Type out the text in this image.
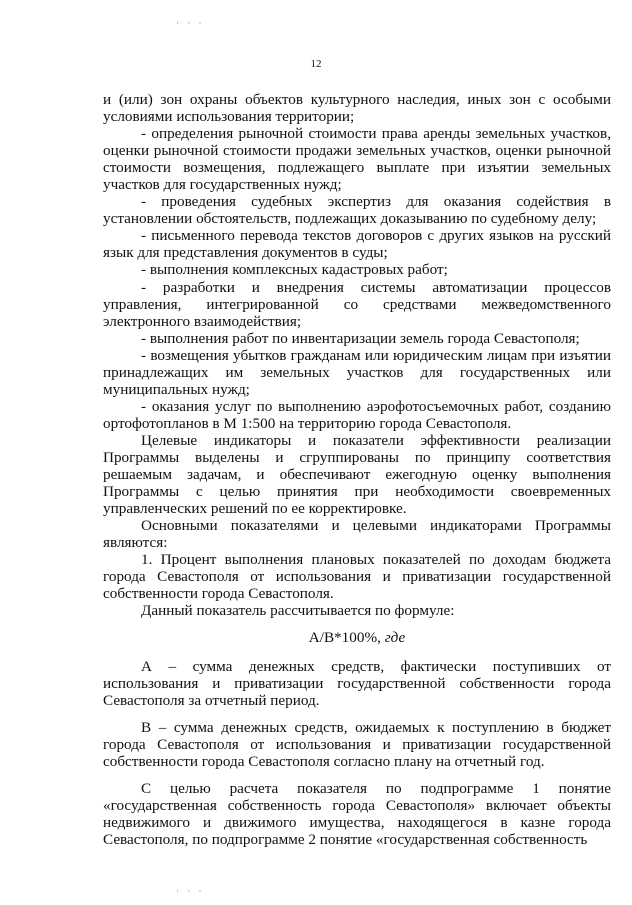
· · ·
· · ·
12

и (или) зон охраны объектов культурного наследия, иных зон с особыми условиями использования территории;

- определения рыночной стоимости права аренды земельных участков, оценки рыночной стоимости продажи земельных участков, оценки рыночной стоимости возмещения, подлежащего выплате при изъятии земельных участков для государственных нужд;

- проведения судебных экспертиз для оказания содействия в установлении обстоятельств, подлежащих доказыванию по судебному делу;

- письменного перевода текстов договоров с других языков на русский язык для представления документов в суды;

- выполнения комплексных кадастровых работ;

- разработки и внедрения системы автоматизации процессов управления, интегрированной со средствами межведомственного электронного взаимодействия;

- выполнения работ по инвентаризации земель города Севастополя;

- возмещения убытков гражданам или юридическим лицам при изъятии принадлежащих им земельных участков для государственных или муниципальных нужд;

- оказания услуг по выполнению аэрофотосъемочных работ, созданию ортофотопланов в М 1:500 на территорию города Севастополя.

Целевые индикаторы и показатели эффективности реализации Программы выделены и сгруппированы по принципу соответствия решаемым задачам, и обеспечивают ежегодную оценку выполнения Программы с целью принятия при необходимости своевременных управленческих решений по ее корректировке.

Основными показателями и целевыми индикаторами Программы являются:

1. Процент выполнения плановых показателей по доходам бюджета города Севастополя от использования и приватизации государственной собственности города Севастополя.

Данный показатель рассчитывается по формуле:

A/B*100%, где

А – сумма денежных средств, фактически поступивших от использования и приватизации государственной собственности города Севастополя за отчетный период.

В – сумма денежных средств, ожидаемых к поступлению в бюджет города Севастополя от использования и приватизации государственной собственности города Севастополя согласно плану на отчетный год.

С целью расчета показателя по подпрограмме 1 понятие «государственная собственность города Севастополя» включает объекты недвижимого и движимого имущества, находящегося в казне города Севастополя, по подпрограмме 2 понятие «государственная собственность
